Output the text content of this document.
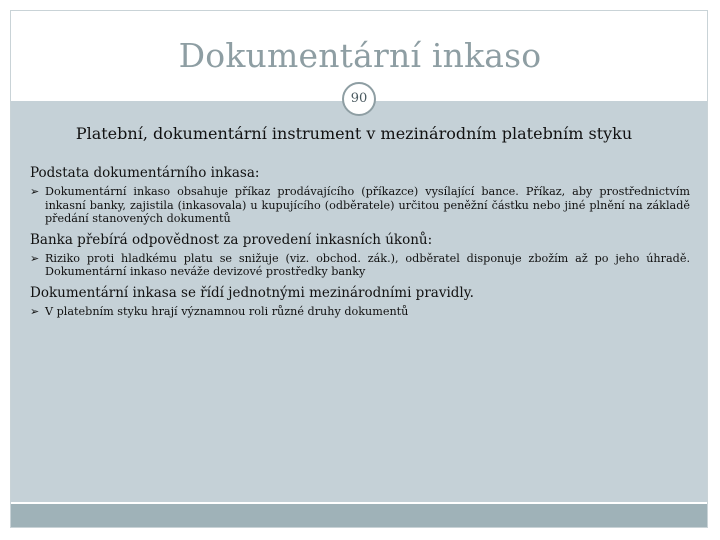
Dokumentární inkaso
90
Platební, dokumentární instrument v mezinárodním platebním styku
Podstata dokumentárního inkasa:
➢ Dokumentární inkaso obsahuje příkaz prodávajícího (příkazce) vysílající bance. Příkaz, aby prostřednictvím inkasní banky, zajistila (inkasovala) u kupujícího (odběratele) určitou peněžní částku nebo jiné plnění na základě předání stanovených dokumentů
Banka přebírá odpovědnost za provedení inkasních úkonů:
➢ Riziko proti hladkému platu se snižuje (viz. obchod. zák.), odběratel disponuje zbožím až po jeho úhradě. Dokumentární inkaso neváže devizové prostředky banky
Dokumentární inkasa se řídí jednotnými mezinárodními pravidly.
➢ V platebním styku hrají významnou roli různé druhy dokumentů
